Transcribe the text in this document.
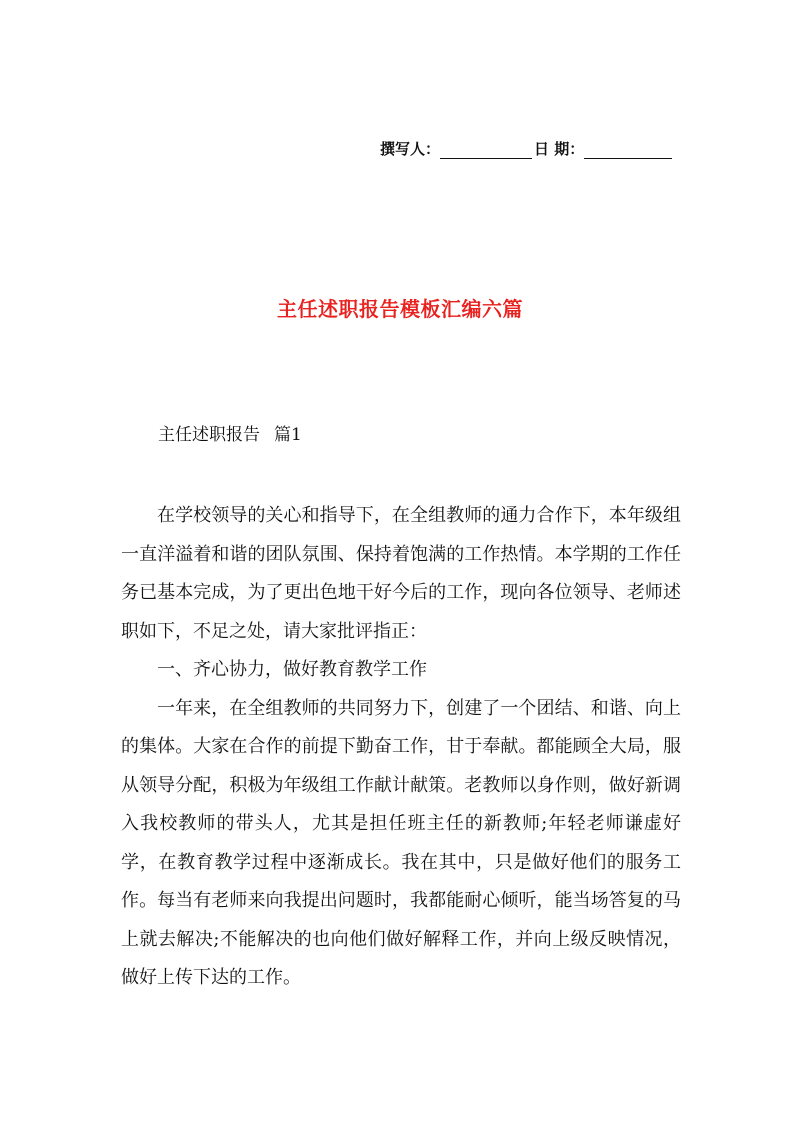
撰写人：	日 期：
主任述职报告模板汇编六篇
主任述职报告 篇1

在学校领导的关心和指导下，在全组教师的通力合作下，本年级组一直洋溢着和谐的团队氛围、保持着饱满的工作热情。本学期的工作任务已基本完成，为了更出色地干好今后的工作，现向各位领导、老师述职如下，不足之处，请大家批评指正：

一、齐心协力，做好教育教学工作

一年来，在全组教师的共同努力下，创建了一个团结、和谐、向上的集体。大家在合作的前提下勤奋工作，甘于奉献。都能顾全大局，服从领导分配，积极为年级组工作献计献策。老教师以身作则，做好新调入我校教师的带头人，尤其是担任班主任的新教师;年轻老师谦虚好学，在教育教学过程中逐渐成长。我在其中，只是做好他们的服务工作。每当有老师来向我提出问题时，我都能耐心倾听，能当场答复的马上就去解决;不能解决的也向他们做好解释工作，并向上级反映情况，做好上传下达的工作。
